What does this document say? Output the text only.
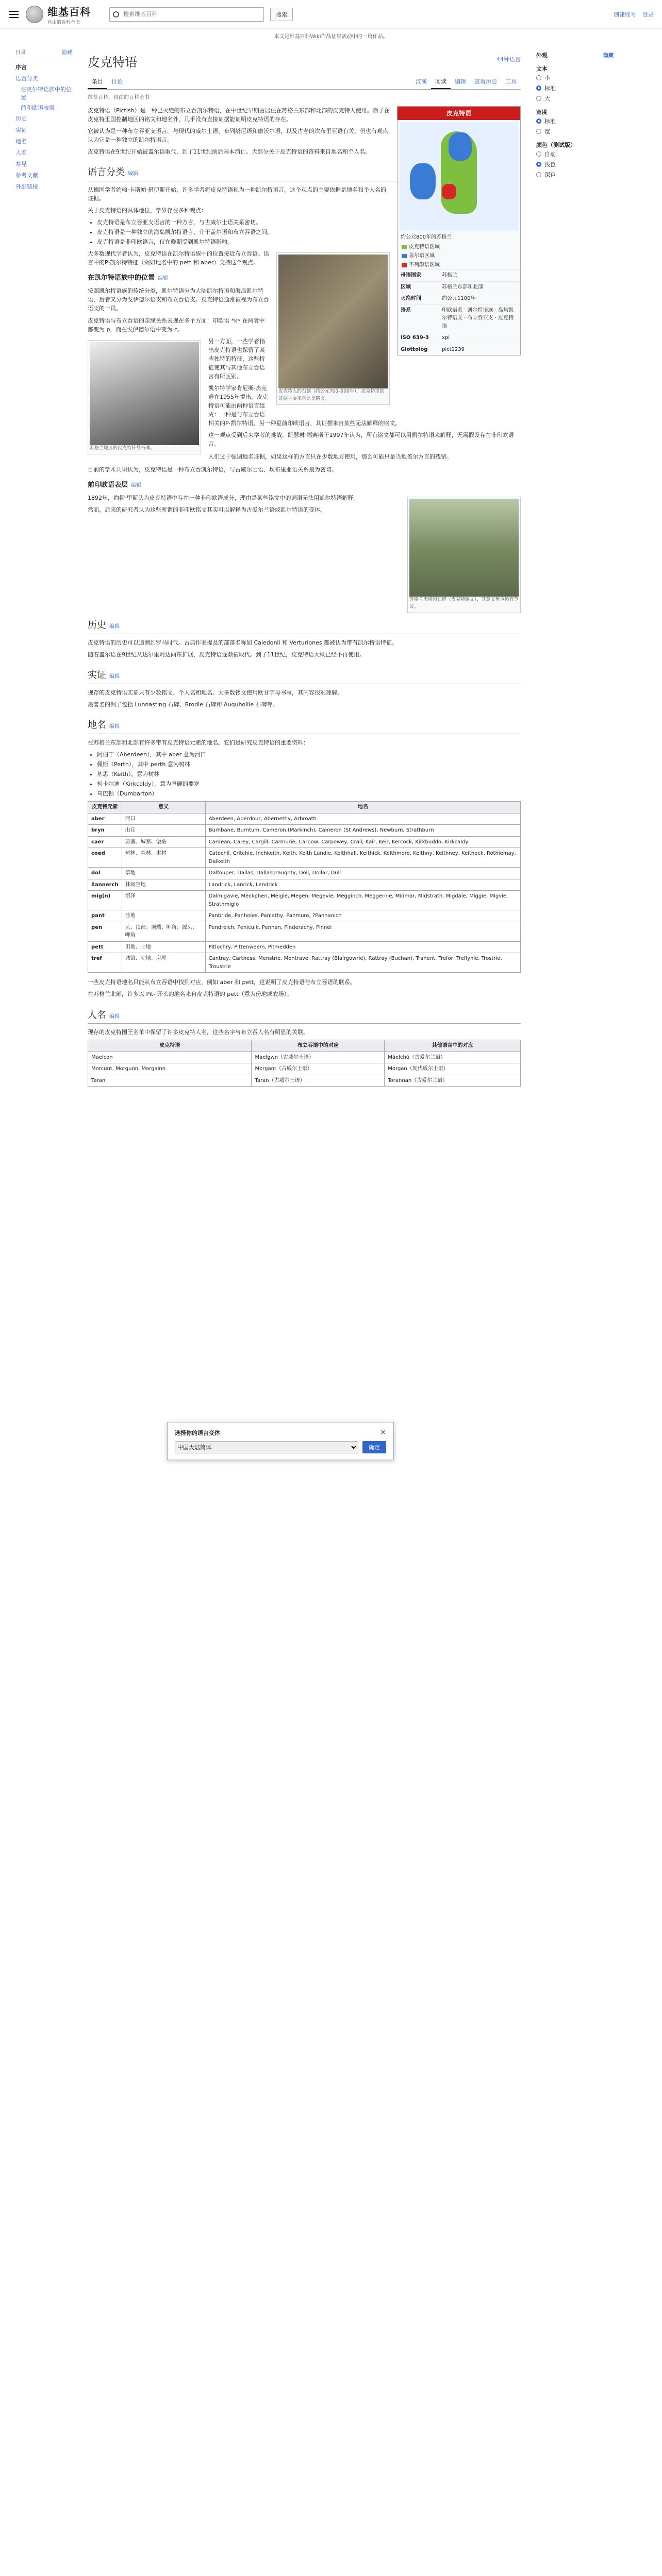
维基百科
自由的百科全书
搜索维基百科
搜索	创建账号 登录
本文是维基百科Wiki作品征集活动中的一篇作品。
目录	隐藏
序言
语言分类
在英尔特语族中的位置
前印欧语表层
历史
实证
地名
人名
参见
参考文献
外部链接
44种语言
皮克特语
条目	讨论	汉漢	阅读	编辑	查看历史	工具
维基百科，自由的百科全书
皮克特语
约公元800年的苏格兰
皮克特语区域
盖尔语区域
不列颠语区域
母语国家	苏格兰
区域	苏格兰东部和北部
灭绝时间	约公元1100年
语系	印欧语系 · 凯尔特语族 · 岛屿凯尔特语支 · 布立吞亚支 · 皮克特语
ISO 639-3	xpi
Glottolog	pict1239

皮克特语（Pictish）是一种已灭绝的布立吞凯尔特语，在中世纪早期由居住在苏格兰东部和北部的皮克特人使用。除了在皮克特王国控制地区的铭文和地名外，几乎没有直接证据能证明皮克特语的存在。

它被认为是一种布立吞亚支语言，与现代的威尔士语、布列塔尼语和康沃尔语，以及古老的坎布里亚语有关，但也有观点认为它是一种独立的凯尔特语言。

皮克特语在9世纪开始被盖尔语取代，到了11世纪前后基本消亡。大部分关于皮克特语的资料来自地名和个人名。

语言分类 编辑

从德国学者约翰·卡斯帕·措伊斯开始，许多学者将皮克特语视为一种凯尔特语言。这个观点的主要依据是地名和个人名的证据。

关于皮克特语的具体地位，学界存在多种观点：

• 皮克特语是布立吞亚支语言的一种方言，与古威尔士语关系密切。
• 皮克特语是一种独立的海岛凯尔特语言，介于盖尔语和布立吞语之间。
• 皮克特语是非印欧语言，仅在晚期受到凯尔特语影响。
皮克特人的石刻（约公元700–900年），皮克特语的证据主要来自此类铭文。

大多数现代学者认为，皮克特语在凯尔特语族中的位置接近布立吞语。语言中的P-凯尔特特征（例如地名中的 pett 和 aber）支持这个观点。

在凯尔特语族中的位置 编辑

按照凯尔特语族的传统分类，凯尔特语分为大陆凯尔特语和海岛凯尔特语，后者又分为戈伊德尔语支和布立吞语支。皮克特语通常被视为布立吞语支的一员。

皮克特语与布立吞语的亲缘关系表现在多个方面：印欧语 *kʷ 在两者中都变为 p，而在戈伊德尔语中变为 c。

苏格兰地区的皮克特符号石碑。

另一方面，一些学者指出皮克特语也保留了某些独特的特征，这些特征使其与其他布立吞语言有所区别。

凯尔特学家肯尼斯·杰克逊在1955年提出，皮克特语可能由两种语言组成：一种是与布立吞语相关的P-凯尔特语，另一种是前印欧语言，其证据来自某些无法解释的铭文。

这一观点受到后来学者的挑战。凯瑟琳·福赛斯于1997年认为，所有铭文都可以用凯尔特语来解释，无需假设存在非印欧语言。

人们过于强调地名证据，如果这样的方言只在少数地方使用，那么可能只是当地盖尔方言的残留。

目前的学术共识认为，皮克特语是一种布立吞凯尔特语，与古威尔士语、坎布里亚语关系最为密切。

前印欧语表层 编辑
苏格兰奥格姆石碑（皮克特铭文），其意义至今仍有争议。

1892年，约翰·里斯认为皮克特语中存在一种非印欧语成分，理由是某些铭文中的词语无法用凯尔特语解释。

然而，后来的研究者认为这些所谓的非印欧铭文其实可以解释为古爱尔兰语或凯尔特语的变体。

历史 编辑

皮克特语的历史可以追溯到罗马时代。古典作家提及的部落名称如 Caledonii 和 Verturiones 都被认为带有凯尔特语特征。

随着盖尔语在9世纪从达尔里阿达向东扩展，皮克特语逐渐被取代。到了11世纪，皮克特语大概已经不再使用。

实证 编辑

现存的皮克特语实证只有少数铭文、个人名和地名。大多数铭文使用欧甘字母书写，其内容很难理解。

最著名的例子包括 Lunnasting 石碑、Brodie 石碑和 Auquhollie 石碑等。

地名 编辑

在苏格兰东部和北部有许多带有皮克特语元素的地名，它们是研究皮克特语的重要资料：

• 阿伯丁（Aberdeen），其中 aber 意为河口
• 佩斯（Perth），其中 perth 意为树林
• 基思（Keith），意为树林
• 柯卡尔迪（Kirkcaldy），意为坚硬的要塞
• 乌巴顿（Dumbarton）
皮克特元素	意义	地名
aber	河口	Aberdeen, Aberdour, Abernethy, Arbroath
bryn	山丘	Burnbane, Burntum, Cameron (Markinch), Cameron (St Andrews), Newburn, Strathburn
caer	要塞、城寨、堡垒	Cardean, Carey, Cargill, Carmurie, Carpow, Carpowey, Crail, Kair, Keir, Kercock, Kirkbuddo, Kirkcaldy
coed	树林、森林、木材	Catochil, Critchie, Inchkeith, Keith, Keith Lundie, Keithhall, Keithick, Keithmore, Keithny, Keithney, Keithock, Rothiemay, Dalkeith
dol	草地	Dalfouper, Dallas, Dallasbraughty, Doll, Dollar, Dull
llannerch	林间空地	Landrick, Lanrick, Lendrick
mig(n)	沼泽	Dalmigavie, Meckphen, Meigle, Megen, Megevie, Megginch, Meggernie, Midmar, Midstrath, Migdale, Miggie, Migvie, Strathmiglo
pant	洼地	Panbride, Panholes, Panlathy, Panmure, ?Pannanich
pen	头；顶部；顶端；岬角；源头；岬角	Pendreich, Penicuik, Pennan, Pinderachy, Pinnel
pett	田地、土地	Pitlochry, Pittenweem, Pitmedden
tref	城镇、宅地、房屋	Cantray, Cartness, Menstrie, Montrave, Rattray (Blairgowrie), Rattray (Buchan), Tranent, Trefor, Treflynie, Trostrie, Troustrie

一些皮克特语地名只能从布立吞语中找到对应，例如 aber 和 pett，这说明了皮克特语与布立吞语的联系。

在苏格兰北部，许多以 Pit- 开头的地名来自皮克特语的 pett（意为份地或农场）。

人名 编辑

现存的皮克特国王名单中保留了许多皮克特人名，这些名字与布立吞人名有明显的关联。

皮克特语	布立吞语中的对应	其他语言中的对应
Maelcon	Maelgwn（古威尔士语）	Máelchú（古爱尔兰语）
Morcunt, Morgunn, Morgainn	Morgant（古威尔士语）	Morgan（现代威尔士语）
Taran	Taran（古威尔士语）	Torannan（古爱尔兰语）
外观	隐藏
文本
小
标准
大
宽度
标准
宽
颜色（测试版）
自动
浅色
深色
选择你的语言变体	✕
中国大陆简体
确定
